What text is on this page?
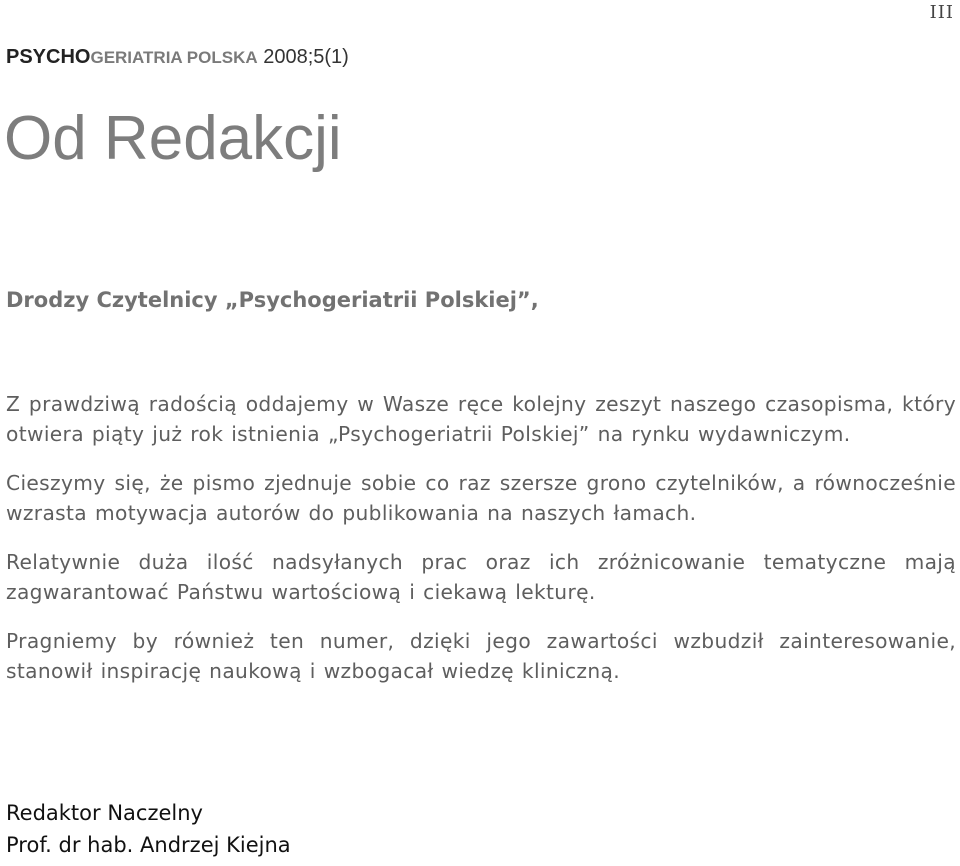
III
PSYCHOGERIATRIA POLSKA 2008;5(1)
Od Redakcji
Drodzy Czytelnicy „Psychogeriatrii Polskiej”,

Z prawdziwą radością oddajemy w Wasze ręce kolejny zeszyt naszego czasopisma, który otwiera piąty już rok istnienia „Psychogeriatrii Polskiej” na rynku wydawniczym.

Cieszymy się, że pismo zjednuje sobie co raz szersze grono czytelników, a równocześnie wzrasta motywacja autorów do publikowania na naszych łamach.

Relatywnie duża ilość nadsyłanych prac oraz ich zróżnicowanie tematyczne mają zagwarantować Państwu wartościową i ciekawą lekturę.

Pragniemy by również ten numer, dzięki jego zawartości wzbudził zainteresowanie, stanowił inspirację naukową i wzbogacał wiedzę kliniczną.

Redaktor Naczelny
Prof. dr hab. Andrzej Kiejna
